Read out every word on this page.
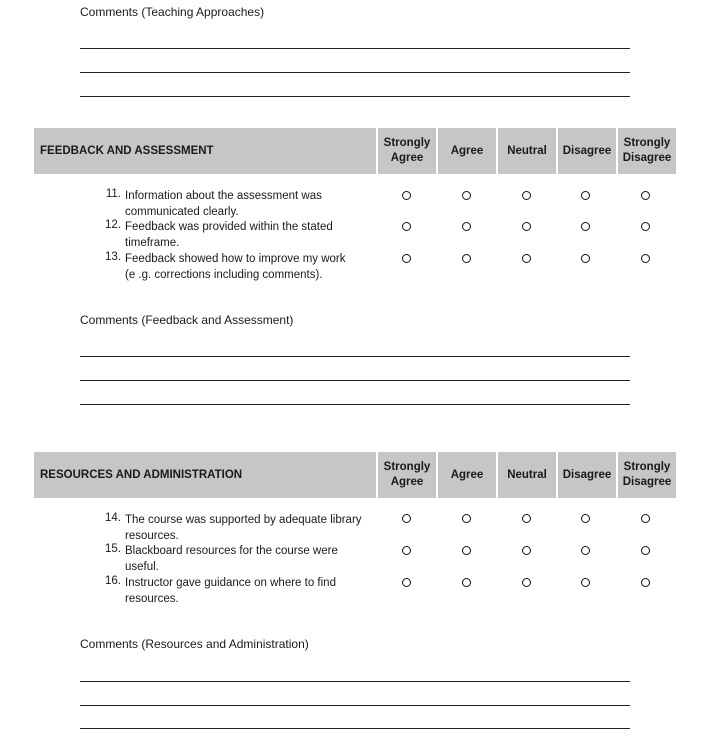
Comments (Teaching Approaches)
FEEDBACK AND ASSESSMENT
Strongly
Agree
Agree Neutral Disagree
Strongly
Disagree
11. Information about the assessment was
communicated clearly.
12. Feedback was provided within the stated
timeframe.
13. Feedback showed how to improve my work
(e .g. corrections including comments).
Comments (Feedback and Assessment)
RESOURCES AND ADMINISTRATION
Strongly
Agree
Agree Neutral Disagree
Strongly
Disagree
14. The course was supported by adequate library
resources.
15. Blackboard resources for the course were
useful.
16. Instructor gave guidance on where to find
resources.
Comments (Resources and Administration)
